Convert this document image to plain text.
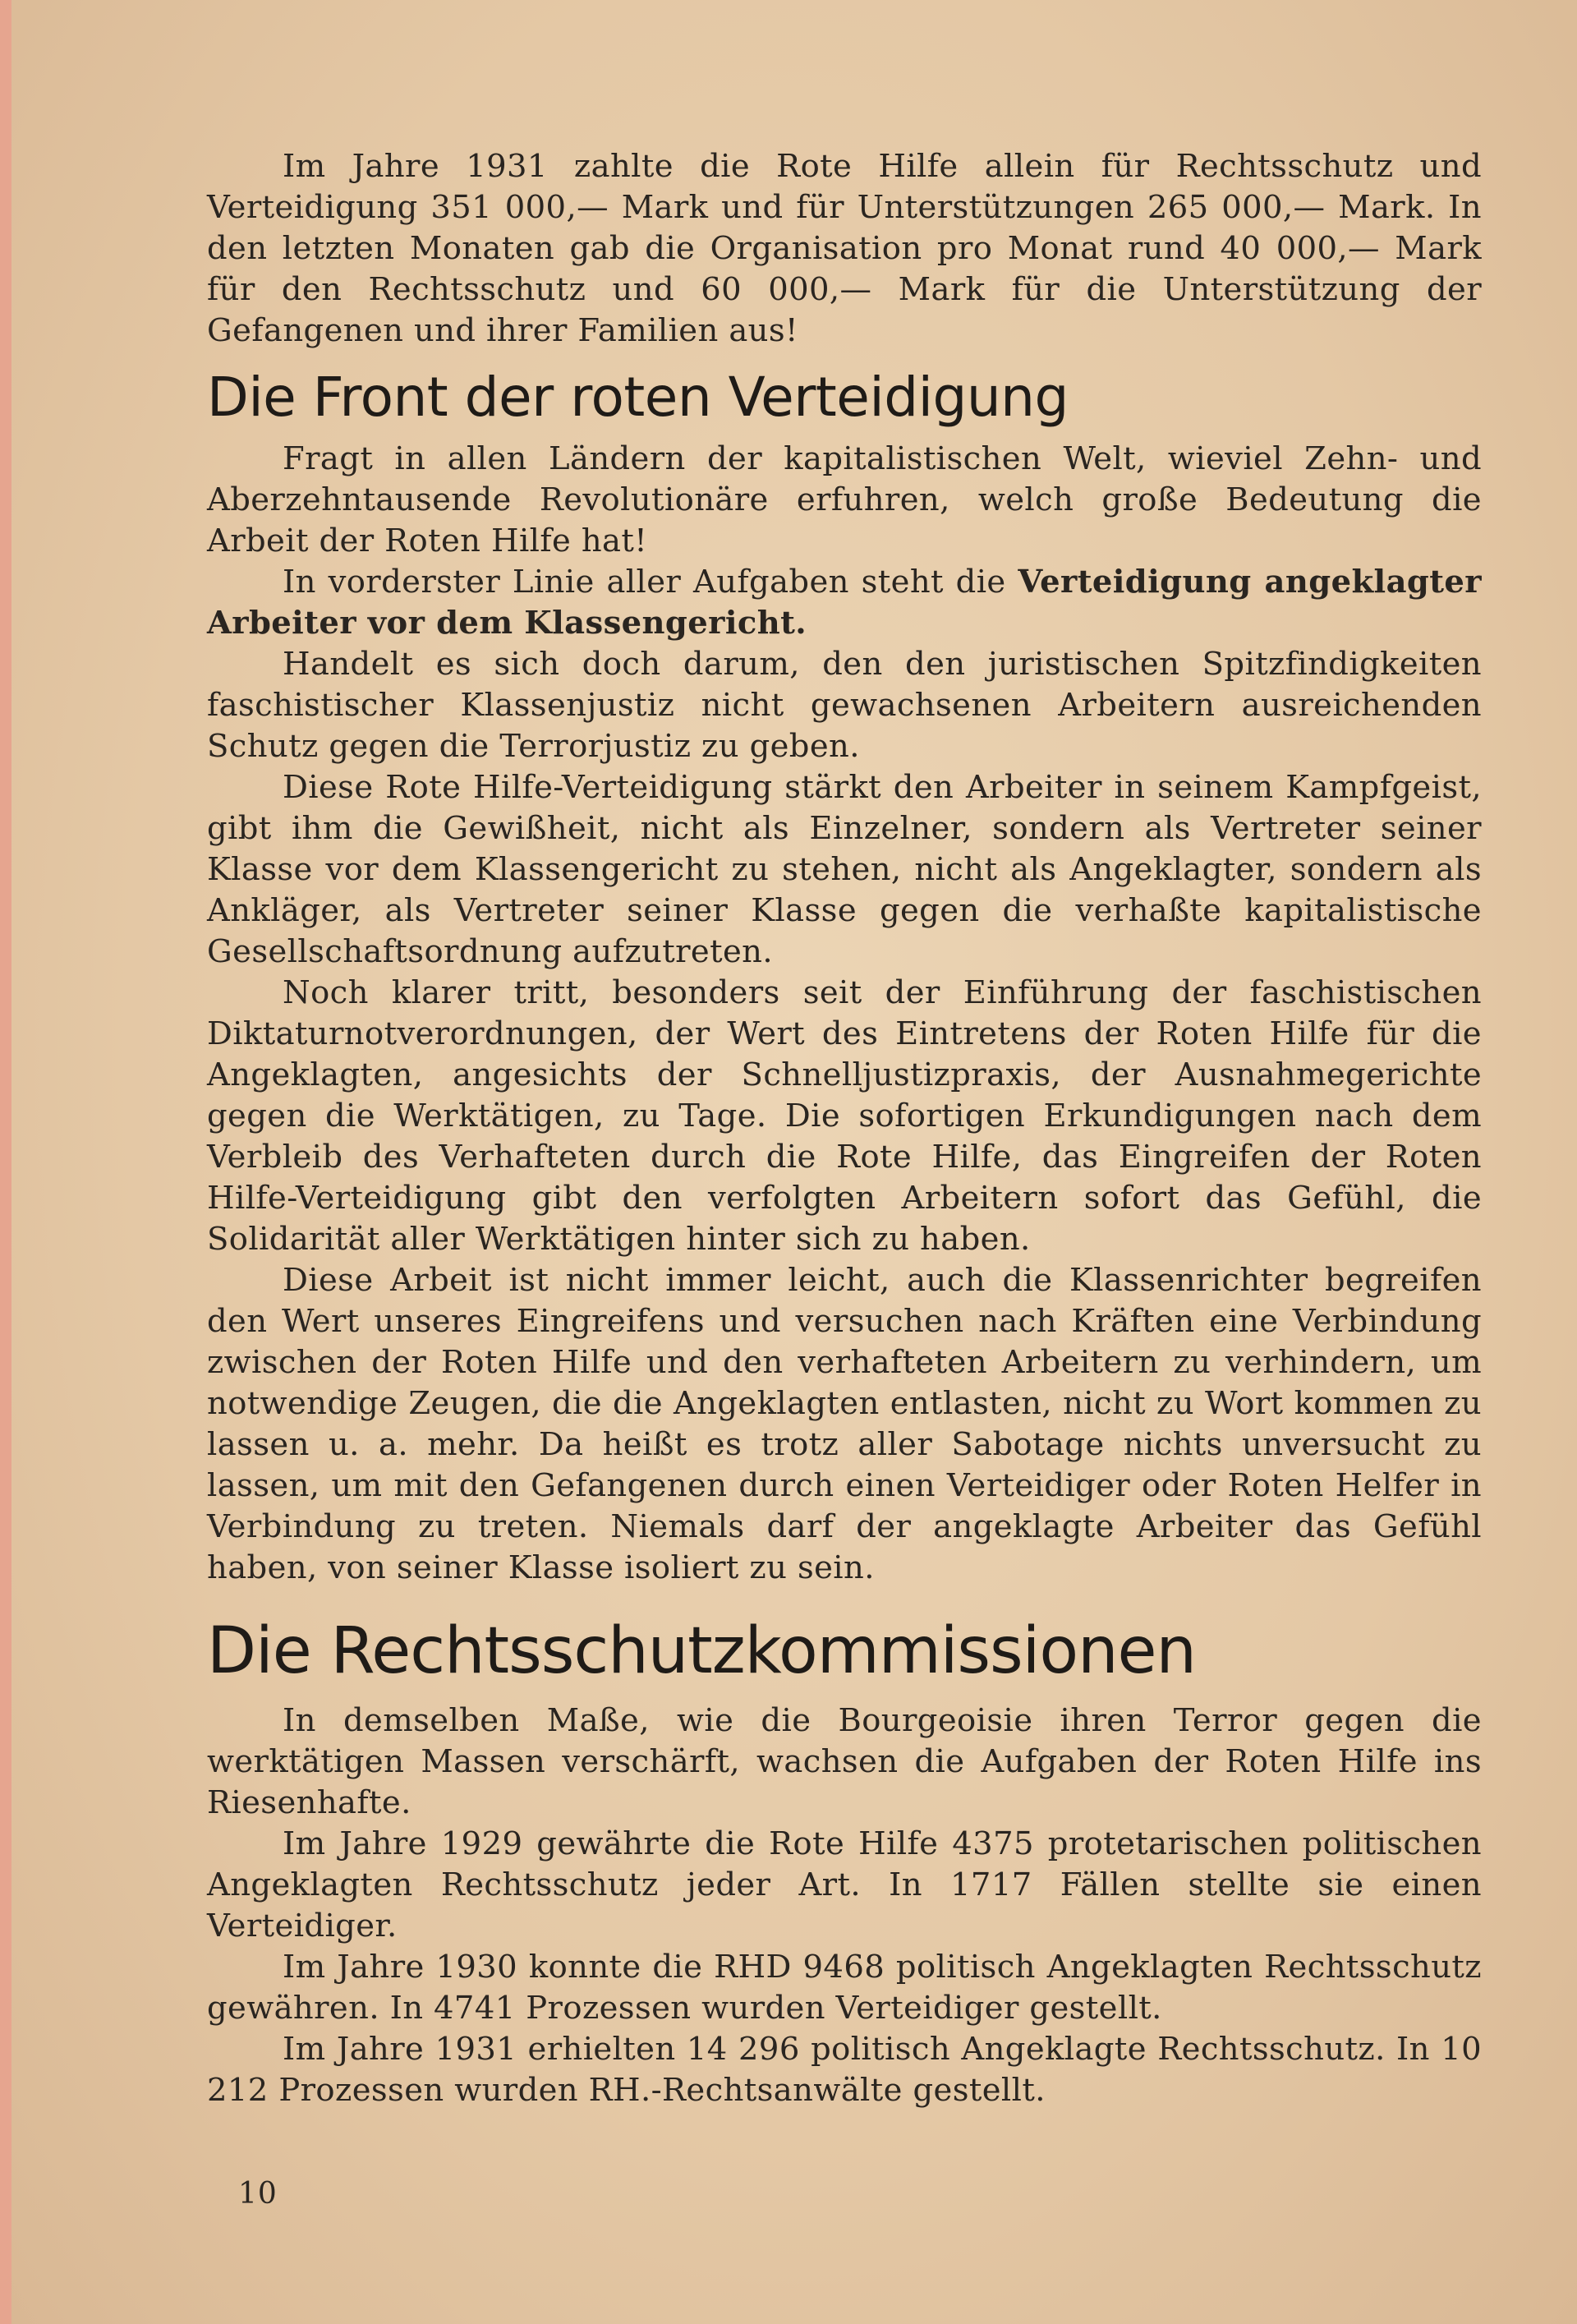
Im Jahre 1931 zahlte die Rote Hilfe allein für Rechtsschutz und Verteidigung 351 000,— Mark und für Unterstützungen 265 000,— Mark. In den letzten Monaten gab die Organisation pro Monat rund 40 000,— Mark für den Rechtsschutz und 60 000,— Mark für die Unterstützung der Gefangenen und ihrer Familien aus!

Die Front der roten Verteidigung

Fragt in allen Ländern der kapitalistischen Welt, wieviel Zehn- und Aberzehntausende Revolutionäre erfuhren, welch große Bedeutung die Arbeit der Roten Hilfe hat!

In vorderster Linie aller Aufgaben steht die Verteidigung angeklagter Arbeiter vor dem Klassengericht.

Handelt es sich doch darum, den den juristischen Spitzfindigkeiten faschistischer Klassenjustiz nicht gewachsenen Arbeitern ausreichenden Schutz gegen die Terrorjustiz zu geben.

Diese Rote Hilfe-Verteidigung stärkt den Arbeiter in seinem Kampfgeist, gibt ihm die Gewißheit, nicht als Einzelner, sondern als Vertreter seiner Klasse vor dem Klassengericht zu stehen, nicht als Angeklagter, sondern als Ankläger, als Vertreter seiner Klasse gegen die verhaßte kapitalistische Gesellschaftsordnung aufzutreten.

Noch klarer tritt, besonders seit der Einführung der faschistischen Diktaturnotverordnungen, der Wert des Eintretens der Roten Hilfe für die Angeklagten, angesichts der Schnelljustizpraxis, der Ausnahmegerichte gegen die Werktätigen, zu Tage. Die sofortigen Erkundigungen nach dem Verbleib des Verhafteten durch die Rote Hilfe, das Eingreifen der Roten Hilfe-Verteidigung gibt den verfolgten Arbeitern sofort das Gefühl, die Solidarität aller Werktätigen hinter sich zu haben.

Diese Arbeit ist nicht immer leicht, auch die Klassenrichter begreifen den Wert unseres Eingreifens und versuchen nach Kräften eine Verbindung zwischen der Roten Hilfe und den verhafteten Arbeitern zu verhindern, um notwendige Zeugen, die die Angeklagten entlasten, nicht zu Wort kommen zu lassen u. a. mehr. Da heißt es trotz aller Sabotage nichts unversucht zu lassen, um mit den Gefangenen durch einen Verteidiger oder Roten Helfer in Verbindung zu treten. Niemals darf der angeklagte Arbeiter das Gefühl haben, von seiner Klasse isoliert zu sein.

Die Rechtsschutzkommissionen

In demselben Maße, wie die Bourgeoisie ihren Terror gegen die werktätigen Massen verschärft, wachsen die Aufgaben der Roten Hilfe ins Riesenhafte.

Im Jahre 1929 gewährte die Rote Hilfe 4375 protetarischen politischen Angeklagten Rechtsschutz jeder Art. In 1717 Fällen stellte sie einen Verteidiger.

Im Jahre 1930 konnte die RHD 9468 politisch Angeklagten Rechtsschutz gewähren. In 4741 Prozessen wurden Verteidiger gestellt.

Im Jahre 1931 erhielten 14 296 politisch Angeklagte Rechtsschutz. In 10 212 Prozessen wurden RH.-Rechtsanwälte gestellt.

10
